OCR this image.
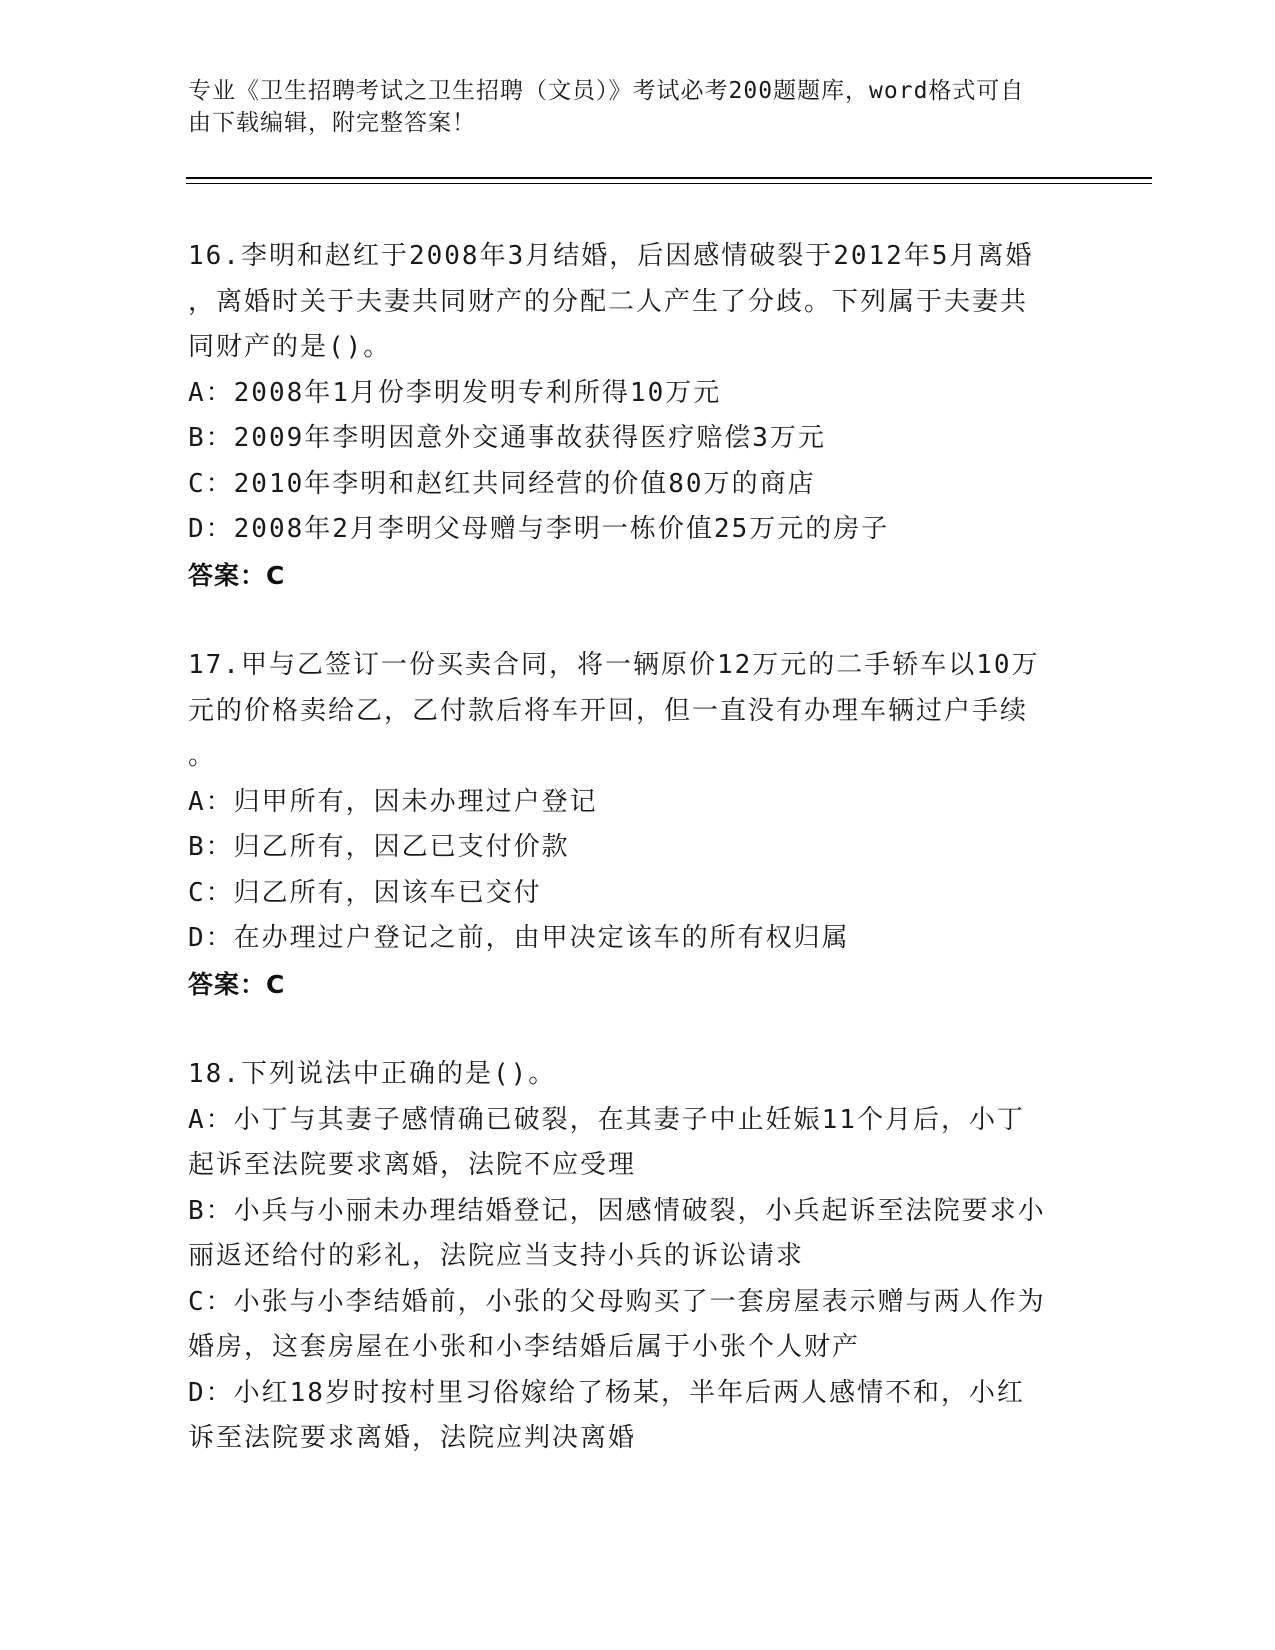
专业《卫生招聘考试之卫生招聘（文员）》考试必考200题题库，word格式可自
由下载编辑，附完整答案！
16.李明和赵红于2008年3月结婚，后因感情破裂于2012年5月离婚
，离婚时关于夫妻共同财产的分配二人产生了分歧。下列属于夫妻共
同财产的是()。
A：2008年1月份李明发明专利所得10万元
B：2009年李明因意外交通事故获得医疗赔偿3万元
C：2010年李明和赵红共同经营的价值80万的商店
D：2008年2月李明父母赠与李明一栋价值25万元的房子
答案：C
17.甲与乙签订一份买卖合同，将一辆原价12万元的二手轿车以10万
元的价格卖给乙，乙付款后将车开回，但一直没有办理车辆过户手续
。
A：归甲所有，因未办理过户登记
B：归乙所有，因乙已支付价款
C：归乙所有，因该车已交付
D：在办理过户登记之前，由甲决定该车的所有权归属
答案：C
18.下列说法中正确的是()。
A：小丁与其妻子感情确已破裂，在其妻子中止妊娠11个月后，小丁
起诉至法院要求离婚，法院不应受理
B：小兵与小丽未办理结婚登记，因感情破裂，小兵起诉至法院要求小
丽返还给付的彩礼，法院应当支持小兵的诉讼请求
C：小张与小李结婚前，小张的父母购买了一套房屋表示赠与两人作为
婚房，这套房屋在小张和小李结婚后属于小张个人财产
D：小红18岁时按村里习俗嫁给了杨某，半年后两人感情不和，小红
诉至法院要求离婚，法院应判决离婚
